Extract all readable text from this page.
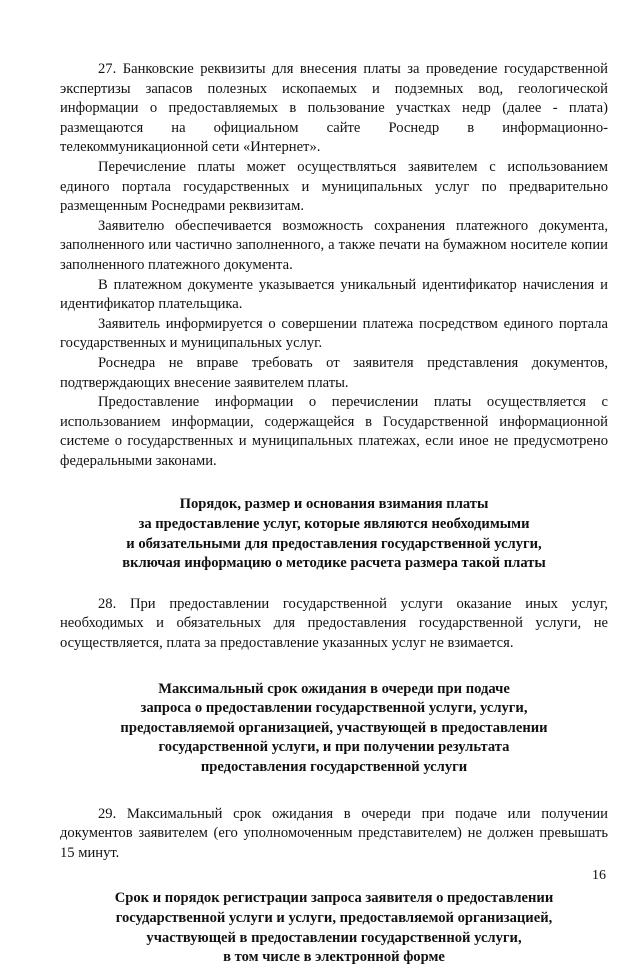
27. Банковские реквизиты для внесения платы за проведение государственной экспертизы запасов полезных ископаемых и подземных вод, геологической информации о предоставляемых в пользование участках недр (далее - плата) размещаются на официальном сайте Роснедр в информационно-телекоммуникационной сети «Интернет».

Перечисление платы может осуществляться заявителем с использованием единого портала государственных и муниципальных услуг по предварительно размещенным Роснедрами реквизитам.

Заявителю обеспечивается возможность сохранения платежного документа, заполненного или частично заполненного, а также печати на бумажном носителе копии заполненного платежного документа.

В платежном документе указывается уникальный идентификатор начисления и идентификатор плательщика.

Заявитель информируется о совершении платежа посредством единого портала государственных и муниципальных услуг.

Роснедра не вправе требовать от заявителя представления документов, подтверждающих внесение заявителем платы.

Предоставление информации о перечислении платы осуществляется с использованием информации, содержащейся в Государственной информационной системе о государственных и муниципальных платежах, если иное не предусмотрено федеральными законами.

Порядок, размер и основания взимания платы
за предоставление услуг, которые являются необходимыми
и обязательными для предоставления государственной услуги,
включая информацию о методике расчета размера такой платы

28. При предоставлении государственной услуги оказание иных услуг, необходимых и обязательных для предоставления государственной услуги, не осуществляется, плата за предоставление указанных услуг не взимается.

Максимальный срок ожидания в очереди при подаче
запроса о предоставлении государственной услуги, услуги,
предоставляемой организацией, участвующей в предоставлении
государственной услуги, и при получении результата
предоставления государственной услуги

29. Максимальный срок ожидания в очереди при подаче или получении документов заявителем (его уполномоченным представителем) не должен превышать 15 минут.

Срок и порядок регистрации запроса заявителя о предоставлении
государственной услуги и услуги, предоставляемой организацией,
участвующей в предоставлении государственной услуги,
в том числе в электронной форме
16
